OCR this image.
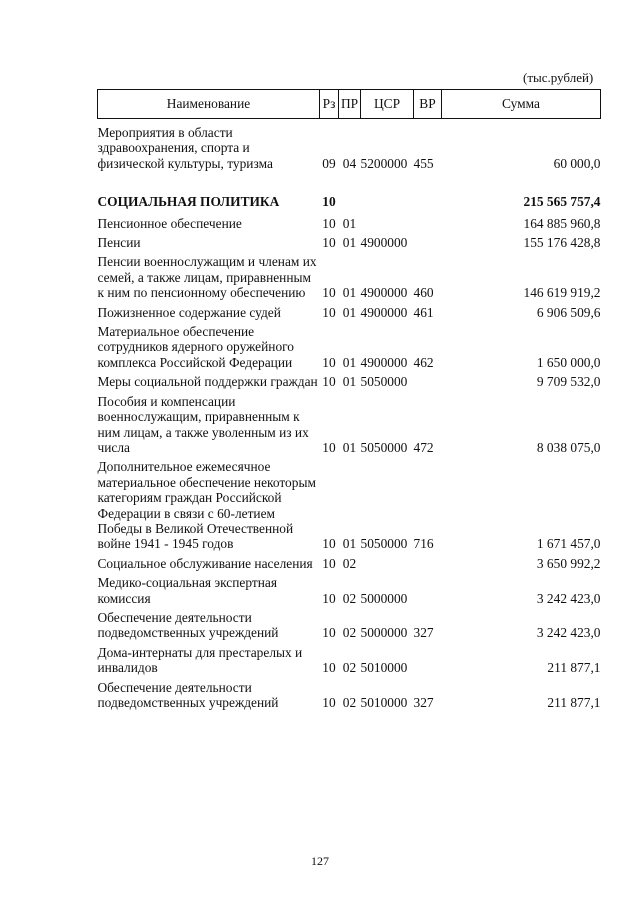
(тыс.рублей)
Наименование	Рз	ПР	ЦСР	ВР	Сумма
Мероприятия в области здравоохранения, спорта и физической культуры, туризма	09	04	5200000	455	60 000,0
СОЦИАЛЬНАЯ ПОЛИТИКА	10				215 565 757,4
Пенсионное обеспечение	10	01			164 885 960,8
Пенсии	10	01	4900000		155 176 428,8
Пенсии военнослужащим и членам их семей, а также лицам, приравненным к ним по пенсионному обеспечению	10	01	4900000	460	146 619 919,2
Пожизненное содержание судей	10	01	4900000	461	6 906 509,6
Материальное обеспечение сотрудников ядерного оружейного комплекса Российской Федерации	10	01	4900000	462	1 650 000,0
Меры социальной поддержки граждан	10	01	5050000		9 709 532,0
Пособия и компенсации военнослужащим, приравненным к ним лицам, а также уволенным из их числа	10	01	5050000	472	8 038 075,0
Дополнительное ежемесячное материальное обеспечение некоторым категориям граждан Российской Федерации в связи с 60-летием Победы в Великой Отечественной войне 1941 - 1945 годов	10	01	5050000	716	1 671 457,0
Социальное обслуживание населения	10	02			3 650 992,2
Медико-социальная экспертная комиссия	10	02	5000000		3 242 423,0
Обеспечение деятельности подведомственных учреждений	10	02	5000000	327	3 242 423,0
Дома-интернаты для престарелых и инвалидов	10	02	5010000		211 877,1
Обеспечение деятельности подведомственных учреждений	10	02	5010000	327	211 877,1
127
